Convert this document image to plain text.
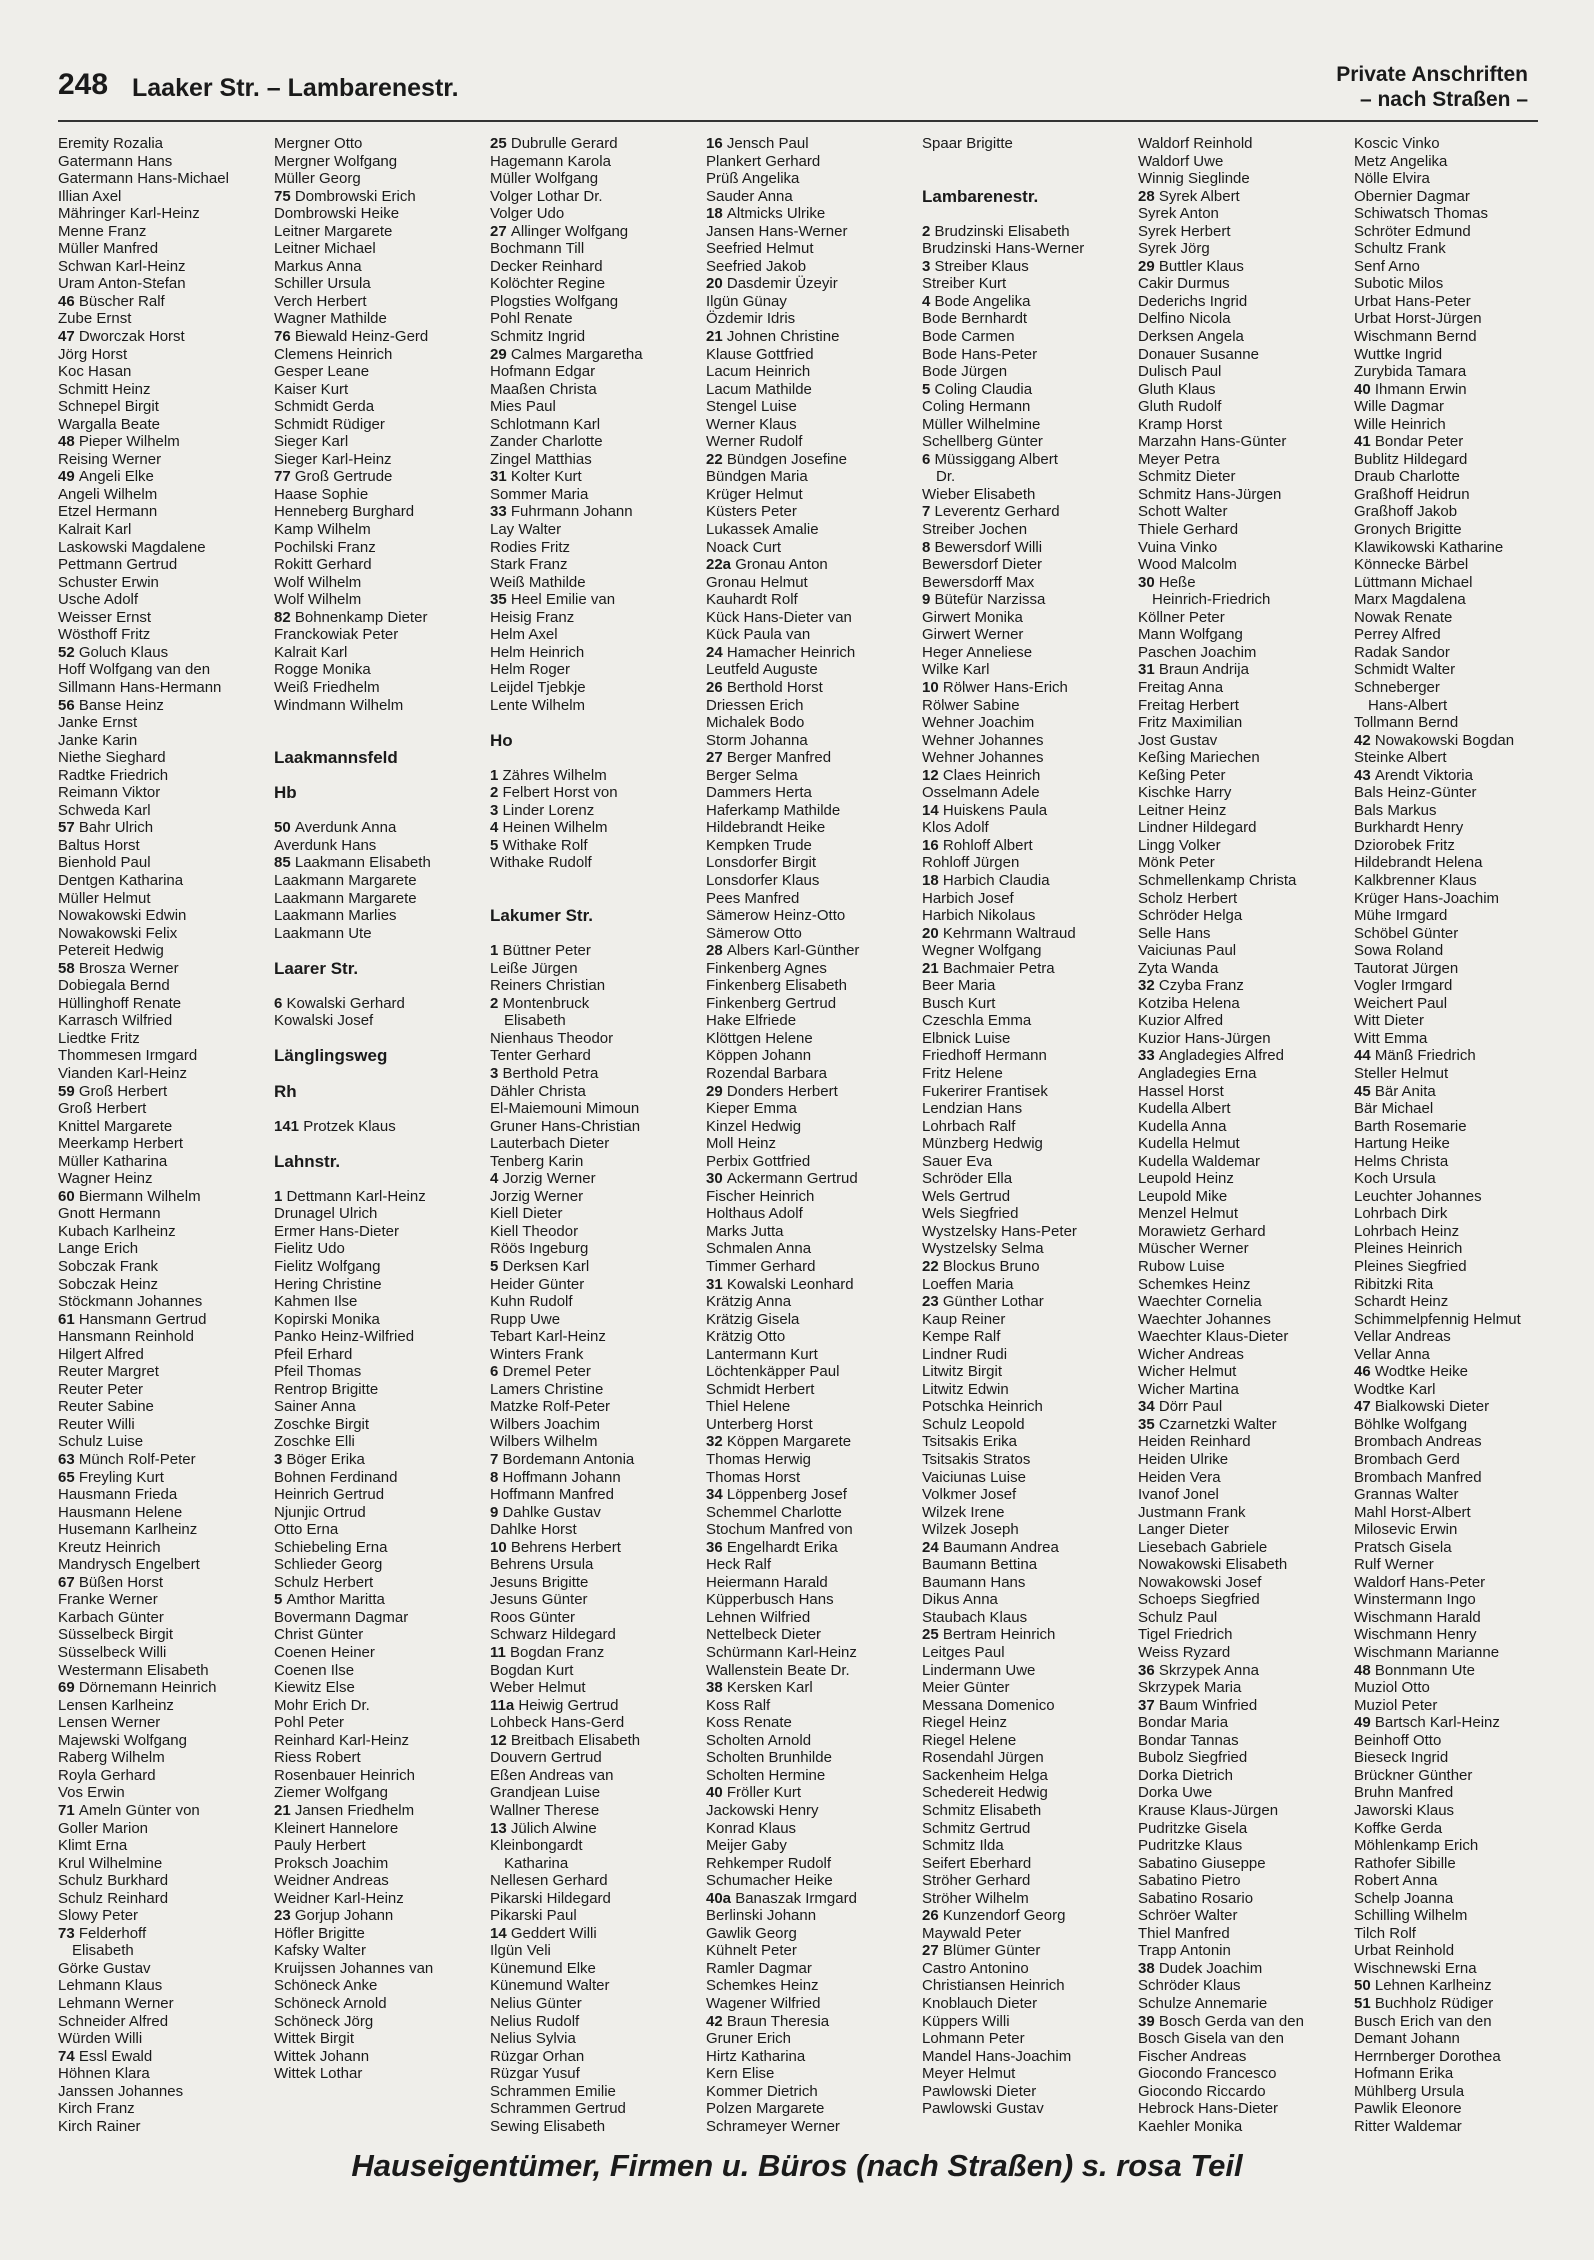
248 Laaker Str. – Lambarenestr.	Private Anschriften
– nach Straßen –
Eremity Rozalia
Gatermann Hans
Gatermann Hans-Michael
Illian Axel
Mähringer Karl-Heinz
Menne Franz
Müller Manfred
Schwan Karl-Heinz
Uram Anton-Stefan
46 Büscher Ralf
Zube Ernst
47 Dworczak Horst
Jörg Horst
Koc Hasan
Schmitt Heinz
Schnepel Birgit
Wargalla Beate
48 Pieper Wilhelm
Reising Werner
49 Angeli Elke
Angeli Wilhelm
Etzel Hermann
Kalrait Karl
Laskowski Magdalene
Pettmann Gertrud
Schuster Erwin
Usche Adolf
Weisser Ernst
Wösthoff Fritz
52 Goluch Klaus
Hoff Wolfgang van den
Sillmann Hans-Hermann
56 Banse Heinz
Janke Ernst
Janke Karin
Niethe Sieghard
Radtke Friedrich
Reimann Viktor
Schweda Karl
57 Bahr Ulrich
Baltus Horst
Bienhold Paul
Dentgen Katharina
Müller Helmut
Nowakowski Edwin
Nowakowski Felix
Petereit Hedwig
58 Brosza Werner
Dobiegala Bernd
Hüllinghoff Renate
Karrasch Wilfried
Liedtke Fritz
Thommesen Irmgard
Vianden Karl-Heinz
59 Groß Herbert
Groß Herbert
Knittel Margarete
Meerkamp Herbert
Müller Katharina
Wagner Heinz
60 Biermann Wilhelm
Gnott Hermann
Kubach Karlheinz
Lange Erich
Sobczak Frank
Sobczak Heinz
Stöckmann Johannes
61 Hansmann Gertrud
Hansmann Reinhold
Hilgert Alfred
Reuter Margret
Reuter Peter
Reuter Sabine
Reuter Willi
Schulz Luise
63 Münch Rolf-Peter
65 Freyling Kurt
Hausmann Frieda
Hausmann Helene
Husemann Karlheinz
Kreutz Heinrich
Mandrysch Engelbert
67 Büßen Horst
Franke Werner
Karbach Günter
Süsselbeck Birgit
Süsselbeck Willi
Westermann Elisabeth
69 Dörnemann Heinrich
Lensen Karlheinz
Lensen Werner
Majewski Wolfgang
Raberg Wilhelm
Royla Gerhard
Vos Erwin
71 Ameln Günter von
Goller Marion
Klimt Erna
Krul Wilhelmine
Schulz Burkhard
Schulz Reinhard
Slowy Peter
73 Felderhoff
Elisabeth
Görke Gustav
Lehmann Klaus
Lehmann Werner
Schneider Alfred
Würden Willi
74 Essl Ewald
Höhnen Klara
Janssen Johannes
Kirch Franz
Kirch Rainer
Mergner Otto
Mergner Wolfgang
Müller Georg
75 Dombrowski Erich
Dombrowski Heike
Leitner Margarete
Leitner Michael
Markus Anna
Schiller Ursula
Verch Herbert
Wagner Mathilde
76 Biewald Heinz-Gerd
Clemens Heinrich
Gesper Leane
Kaiser Kurt
Schmidt Gerda
Schmidt Rüdiger
Sieger Karl
Sieger Karl-Heinz
77 Groß Gertrude
Haase Sophie
Henneberg Burghard
Kamp Wilhelm
Pochilski Franz
Rokitt Gerhard
Wolf Wilhelm
Wolf Wilhelm
82 Bohnenkamp Dieter
Franckowiak Peter
Kalrait Karl
Rogge Monika
Weiß Friedhelm
Windmann Wilhelm
Laakmannsfeld
Hb
50 Averdunk Anna
Averdunk Hans
85 Laakmann Elisabeth
Laakmann Margarete
Laakmann Margarete
Laakmann Marlies
Laakmann Ute
Laarer Str.
6 Kowalski Gerhard
Kowalski Josef
Länglingsweg
Rh
141 Protzek Klaus
Lahnstr.
1 Dettmann Karl-Heinz
Drunagel Ulrich
Ermer Hans-Dieter
Fielitz Udo
Fielitz Wolfgang
Hering Christine
Kahmen Ilse
Kopirski Monika
Panko Heinz-Wilfried
Pfeil Erhard
Pfeil Thomas
Rentrop Brigitte
Sainer Anna
Zoschke Birgit
Zoschke Elli
3 Böger Erika
Bohnen Ferdinand
Heinrich Gertrud
Njunjic Ortrud
Otto Erna
Schiebeling Erna
Schlieder Georg
Schulz Herbert
5 Amthor Maritta
Bovermann Dagmar
Christ Günter
Coenen Heiner
Coenen Ilse
Kiewitz Else
Mohr Erich Dr.
Pohl Peter
Reinhard Karl-Heinz
Riess Robert
Rosenbauer Heinrich
Ziemer Wolfgang
21 Jansen Friedhelm
Kleinert Hannelore
Pauly Herbert
Proksch Joachim
Weidner Andreas
Weidner Karl-Heinz
23 Gorjup Johann
Höfler Brigitte
Kafsky Walter
Kruijssen Johannes van
Schöneck Anke
Schöneck Arnold
Schöneck Jörg
Wittek Birgit
Wittek Johann
Wittek Lothar
25 Dubrulle Gerard
Hagemann Karola
Müller Wolfgang
Volger Lothar Dr.
Volger Udo
27 Allinger Wolfgang
Bochmann Till
Decker Reinhard
Kolöchter Regine
Plogsties Wolfgang
Pohl Renate
Schmitz Ingrid
29 Calmes Margaretha
Hofmann Edgar
Maaßen Christa
Mies Paul
Schlotmann Karl
Zander Charlotte
Zingel Matthias
31 Kolter Kurt
Sommer Maria
33 Fuhrmann Johann
Lay Walter
Rodies Fritz
Stark Franz
Weiß Mathilde
35 Heel Emilie van
Heisig Franz
Helm Axel
Helm Heinrich
Helm Roger
Leijdel Tjebkje
Lente Wilhelm
Ho
1 Zähres Wilhelm
2 Felbert Horst von
3 Linder Lorenz
4 Heinen Wilhelm
5 Withake Rolf
Withake Rudolf
Lakumer Str.
1 Büttner Peter
Leiße Jürgen
Reiners Christian
2 Montenbruck
Elisabeth
Nienhaus Theodor
Tenter Gerhard
3 Berthold Petra
Dähler Christa
El-Maiemouni Mimoun
Gruner Hans-Christian
Lauterbach Dieter
Tenberg Karin
4 Jorzig Werner
Jorzig Werner
Kiell Dieter
Kiell Theodor
Röös Ingeburg
5 Derksen Karl
Heider Günter
Kuhn Rudolf
Rupp Uwe
Tebart Karl-Heinz
Winters Frank
6 Dremel Peter
Lamers Christine
Matzke Rolf-Peter
Wilbers Joachim
Wilbers Wilhelm
7 Bordemann Antonia
8 Hoffmann Johann
Hoffmann Manfred
9 Dahlke Gustav
Dahlke Horst
10 Behrens Herbert
Behrens Ursula
Jesuns Brigitte
Jesuns Günter
Roos Günter
Schwarz Hildegard
11 Bogdan Franz
Bogdan Kurt
Weber Helmut
11a Heiwig Gertrud
Lohbeck Hans-Gerd
12 Breitbach Elisabeth
Douvern Gertrud
Eßen Andreas van
Grandjean Luise
Wallner Therese
13 Jülich Alwine
Kleinbongardt
Katharina
Nellesen Gerhard
Pikarski Hildegard
Pikarski Paul
14 Geddert Willi
Ilgün Veli
Künemund Elke
Künemund Walter
Nelius Günter
Nelius Rudolf
Nelius Sylvia
Rüzgar Orhan
Rüzgar Yusuf
Schrammen Emilie
Schrammen Gertrud
Sewing Elisabeth
16 Jensch Paul
Plankert Gerhard
Prüß Angelika
Sauder Anna
18 Altmicks Ulrike
Jansen Hans-Werner
Seefried Helmut
Seefried Jakob
20 Dasdemir Üzeyir
Ilgün Günay
Özdemir Idris
21 Johnen Christine
Klause Gottfried
Lacum Heinrich
Lacum Mathilde
Stengel Luise
Werner Klaus
Werner Rudolf
22 Bündgen Josefine
Bündgen Maria
Krüger Helmut
Küsters Peter
Lukassek Amalie
Noack Curt
22a Gronau Anton
Gronau Helmut
Kauhardt Rolf
Kück Hans-Dieter van
Kück Paula van
24 Hamacher Heinrich
Leutfeld Auguste
26 Berthold Horst
Driessen Erich
Michalek Bodo
Storm Johanna
27 Berger Manfred
Berger Selma
Dammers Herta
Haferkamp Mathilde
Hildebrandt Heike
Kempken Trude
Lonsdorfer Birgit
Lonsdorfer Klaus
Pees Manfred
Sämerow Heinz-Otto
Sämerow Otto
28 Albers Karl-Günther
Finkenberg Agnes
Finkenberg Elisabeth
Finkenberg Gertrud
Hake Elfriede
Klöttgen Helene
Köppen Johann
Rozendal Barbara
29 Donders Herbert
Kieper Emma
Kinzel Hedwig
Moll Heinz
Perbix Gottfried
30 Ackermann Gertrud
Fischer Heinrich
Holthaus Adolf
Marks Jutta
Schmalen Anna
Timmer Gerhard
31 Kowalski Leonhard
Krätzig Anna
Krätzig Gisela
Krätzig Otto
Lantermann Kurt
Löchtenkäpper Paul
Schmidt Herbert
Thiel Helene
Unterberg Horst
32 Köppen Margarete
Thomas Herwig
Thomas Horst
34 Löppenberg Josef
Schemmel Charlotte
Stochum Manfred von
36 Engelhardt Erika
Heck Ralf
Heiermann Harald
Küpperbusch Hans
Lehnen Wilfried
Nettelbeck Dieter
Schürmann Karl-Heinz
Wallenstein Beate Dr.
38 Kersken Karl
Koss Ralf
Koss Renate
Scholten Arnold
Scholten Brunhilde
Scholten Hermine
40 Fröller Kurt
Jackowski Henry
Konrad Klaus
Meijer Gaby
Rehkemper Rudolf
Schumacher Heike
40a Banaszak Irmgard
Berlinski Johann
Gawlik Georg
Kühnelt Peter
Ramler Dagmar
Schemkes Heinz
Wagener Wilfried
42 Braun Theresia
Gruner Erich
Hirtz Katharina
Kern Elise
Kommer Dietrich
Polzen Margarete
Schrameyer Werner
Spaar Brigitte
Lambarenestr.
2 Brudzinski Elisabeth
Brudzinski Hans-Werner
3 Streiber Klaus
Streiber Kurt
4 Bode Angelika
Bode Bernhardt
Bode Carmen
Bode Hans-Peter
Bode Jürgen
5 Coling Claudia
Coling Hermann
Müller Wilhelmine
Schellberg Günter
6 Müssiggang Albert
Dr.
Wieber Elisabeth
7 Leverentz Gerhard
Streiber Jochen
8 Bewersdorf Willi
Bewersdorf Dieter
Bewersdorff Max
9 Bütefür Narzissa
Girwert Monika
Girwert Werner
Heger Anneliese
Wilke Karl
10 Rölwer Hans-Erich
Rölwer Sabine
Wehner Joachim
Wehner Johannes
Wehner Johannes
12 Claes Heinrich
Osselmann Adele
14 Huiskens Paula
Klos Adolf
16 Rohloff Albert
Rohloff Jürgen
18 Harbich Claudia
Harbich Josef
Harbich Nikolaus
20 Kehrmann Waltraud
Wegner Wolfgang
21 Bachmaier Petra
Beer Maria
Busch Kurt
Czeschla Emma
Elbnick Luise
Friedhoff Hermann
Fritz Helene
Fukerirer Frantisek
Lendzian Hans
Lohrbach Ralf
Münzberg Hedwig
Sauer Eva
Schröder Ella
Wels Gertrud
Wels Siegfried
Wystzelsky Hans-Peter
Wystzelsky Selma
22 Blockus Bruno
Loeffen Maria
23 Günther Lothar
Kaup Reiner
Kempe Ralf
Lindner Rudi
Litwitz Birgit
Litwitz Edwin
Potschka Heinrich
Schulz Leopold
Tsitsakis Erika
Tsitsakis Stratos
Vaiciunas Luise
Volkmer Josef
Wilzek Irene
Wilzek Joseph
24 Baumann Andrea
Baumann Bettina
Baumann Hans
Dikus Anna
Staubach Klaus
25 Bertram Heinrich
Leitges Paul
Lindermann Uwe
Meier Günter
Messana Domenico
Riegel Heinz
Riegel Helene
Rosendahl Jürgen
Sackenheim Helga
Schedereit Hedwig
Schmitz Elisabeth
Schmitz Gertrud
Schmitz Ilda
Seifert Eberhard
Ströher Gerhard
Ströher Wilhelm
26 Kunzendorf Georg
Maywald Peter
27 Blümer Günter
Castro Antonino
Christiansen Heinrich
Knoblauch Dieter
Küppers Willi
Lohmann Peter
Mandel Hans-Joachim
Meyer Helmut
Pawlowski Dieter
Pawlowski Gustav
Waldorf Reinhold
Waldorf Uwe
Winnig Sieglinde
28 Syrek Albert
Syrek Anton
Syrek Herbert
Syrek Jörg
29 Buttler Klaus
Cakir Durmus
Dederichs Ingrid
Delfino Nicola
Derksen Angela
Donauer Susanne
Dulisch Paul
Gluth Klaus
Gluth Rudolf
Kramp Horst
Marzahn Hans-Günter
Meyer Petra
Schmitz Dieter
Schmitz Hans-Jürgen
Schott Walter
Thiele Gerhard
Vuina Vinko
Wood Malcolm
30 Heße
Heinrich-Friedrich
Köllner Peter
Mann Wolfgang
Paschen Joachim
31 Braun Andrija
Freitag Anna
Freitag Herbert
Fritz Maximilian
Jost Gustav
Keßing Mariechen
Keßing Peter
Kischke Harry
Leitner Heinz
Lindner Hildegard
Lingg Volker
Mönk Peter
Schmellenkamp Christa
Scholz Herbert
Schröder Helga
Selle Hans
Vaiciunas Paul
Zyta Wanda
32 Czyba Franz
Kotziba Helena
Kuzior Alfred
Kuzior Hans-Jürgen
33 Angladegies Alfred
Angladegies Erna
Hassel Horst
Kudella Albert
Kudella Anna
Kudella Helmut
Kudella Waldemar
Leupold Heinz
Leupold Mike
Menzel Helmut
Morawietz Gerhard
Müscher Werner
Rubow Luise
Schemkes Heinz
Waechter Cornelia
Waechter Johannes
Waechter Klaus-Dieter
Wicher Andreas
Wicher Helmut
Wicher Martina
34 Dörr Paul
35 Czarnetzki Walter
Heiden Reinhard
Heiden Ulrike
Heiden Vera
Ivanof Jonel
Justmann Frank
Langer Dieter
Liesebach Gabriele
Nowakowski Elisabeth
Nowakowski Josef
Schoeps Siegfried
Schulz Paul
Tigel Friedrich
Weiss Ryzard
36 Skrzypek Anna
Skrzypek Maria
37 Baum Winfried
Bondar Maria
Bondar Tannas
Bubolz Siegfried
Dorka Dietrich
Dorka Uwe
Krause Klaus-Jürgen
Pudritzke Gisela
Pudritzke Klaus
Sabatino Giuseppe
Sabatino Pietro
Sabatino Rosario
Schröer Walter
Thiel Manfred
Trapp Antonin
38 Dudek Joachim
Schröder Klaus
Schulze Annemarie
39 Bosch Gerda van den
Bosch Gisela van den
Fischer Andreas
Giocondo Francesco
Giocondo Riccardo
Hebrock Hans-Dieter
Kaehler Monika
Koscic Vinko
Metz Angelika
Nölle Elvira
Obernier Dagmar
Schiwatsch Thomas
Schröter Edmund
Schultz Frank
Senf Arno
Subotic Milos
Urbat Hans-Peter
Urbat Horst-Jürgen
Wischmann Bernd
Wuttke Ingrid
Zurybida Tamara
40 Ihmann Erwin
Wille Dagmar
Wille Heinrich
41 Bondar Peter
Bublitz Hildegard
Draub Charlotte
Graßhoff Heidrun
Graßhoff Jakob
Gronych Brigitte
Klawikowski Katharine
Könnecke Bärbel
Lüttmann Michael
Marx Magdalena
Nowak Renate
Perrey Alfred
Radak Sandor
Schmidt Walter
Schneberger
Hans-Albert
Tollmann Bernd
42 Nowakowski Bogdan
Steinke Albert
43 Arendt Viktoria
Bals Heinz-Günter
Bals Markus
Burkhardt Henry
Dziorobek Fritz
Hildebrandt Helena
Kalkbrenner Klaus
Krüger Hans-Joachim
Mühe Irmgard
Schöbel Günter
Sowa Roland
Tautorat Jürgen
Vogler Irmgard
Weichert Paul
Witt Dieter
Witt Emma
44 Mänß Friedrich
Steller Helmut
45 Bär Anita
Bär Michael
Barth Rosemarie
Hartung Heike
Helms Christa
Koch Ursula
Leuchter Johannes
Lohrbach Dirk
Lohrbach Heinz
Pleines Heinrich
Pleines Siegfried
Ribitzki Rita
Schardt Heinz
Schimmelpfennig Helmut
Vellar Andreas
Vellar Anna
46 Wodtke Heike
Wodtke Karl
47 Bialkowski Dieter
Böhlke Wolfgang
Brombach Andreas
Brombach Gerd
Brombach Manfred
Grannas Walter
Mahl Horst-Albert
Milosevic Erwin
Pratsch Gisela
Rulf Werner
Waldorf Hans-Peter
Winstermann Ingo
Wischmann Harald
Wischmann Henry
Wischmann Marianne
48 Bonnmann Ute
Muziol Otto
Muziol Peter
49 Bartsch Karl-Heinz
Beinhoff Otto
Bieseck Ingrid
Brückner Günther
Bruhn Manfred
Jaworski Klaus
Koffke Gerda
Möhlenkamp Erich
Rathofer Sibille
Robert Anna
Schelp Joanna
Schilling Wilhelm
Tilch Rolf
Urbat Reinhold
Wischnewski Erna
50 Lehnen Karlheinz
51 Buchholz Rüdiger
Busch Erich van den
Demant Johann
Herrnberger Dorothea
Hofmann Erika
Mühlberg Ursula
Pawlik Eleonore
Ritter Waldemar
Hauseigentümer, Firmen u. Büros (nach Straßen) s. rosa Teil
